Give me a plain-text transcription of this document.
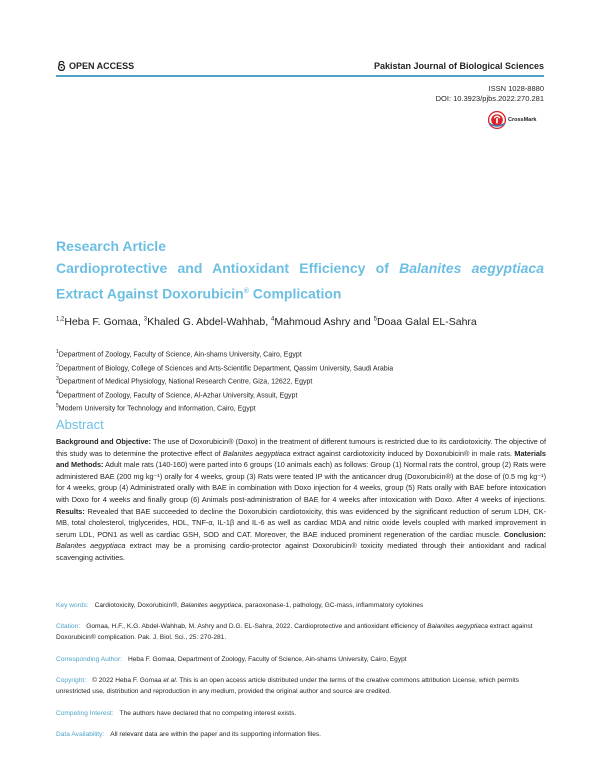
OPEN ACCESS	Pakistan Journal of Biological Sciences
ISSN 1028-8880
DOI: 10.3923/pjbs.2022.270.281
CrossMark
Research Article
Cardioprotective and Antioxidant Efficiency of Balanites aegyptiaca Extract Against Doxorubicin® Complication
$^{1,2}$Heba F. Gomaa, $^3$Khaled G. Abdel-Wahhab, $^4$Mahmoud Ashry and $^5$Doaa Galal EL-Sahra
$^1$Department of Zoology, Faculty of Science, Ain-shams University, Cairo, Egypt
$^2$Department of Biology, College of Sciences and Arts-Scientific Department, Qassim University, Saudi Arabia
$^3$Department of Medical Physiology, National Research Centre, Giza, 12622, Egypt
$^4$Department of Zoology, Faculty of Science, Al-Azhar University, Assuit, Egypt
$^5$Modern University for Technology and Information, Cairo, Egypt
Abstract
Background and Objective: The use of Doxorubicin® (Doxo) in the treatment of different tumours is restricted due to its cardiotoxicity. The objective of this study was to determine the protective effect of Balanites aegyptiaca extract against cardiotoxicity induced by Doxorubicin® in male rats. Materials and Methods: Adult male rats (140-160) were parted into 6 groups (10 animals each) as follows: Group (1) Normal rats the control, group (2) Rats were administered BAE (200 mg kg⁻¹) orally for 4 weeks, group (3) Rats were teated IP with the anticancer drug (Doxorubicin®) at the dose of (0.5 mg kg⁻¹) for 4 weeks, group (4) Administrated orally with BAE in combination with Doxo injection for 4 weeks, group (5) Rats orally with BAE before intoxication with Doxo for 4 weeks and finally group (6) Animals post-administration of BAE for 4 weeks after intoxication with Doxo. After 4 weeks of injections. Results: Revealed that BAE succeeded to decline the Doxorubicin cardiotoxicity, this was evidenced by the significant reduction of serum LDH, CK-MB, total cholesterol, triglycerides, HDL, TNF-α, IL-1β and IL-6 as well as cardiac MDA and nitric oxide levels coupled with marked improvement in serum LDL, PON1 as well as cardiac GSH, SOD and CAT. Moreover, the BAE induced prominent regeneration of the cardiac muscle. Conclusion: Balanites aegyptiaca extract may be a promising cardio-protector against Doxorubicin® toxicity mediated through their antioxidant and radical scavenging activities.
Key words: Cardiotoxicity, Doxorubicin®, Balanites aegyptiaca, paraoxonase-1, pathology, GC-mass, inflammatory cytokines
Citation: Gomaa, H.F., K.G. Abdel-Wahhab, M. Ashry and D.G. EL-Sahra, 2022. Cardioprotective and antioxidant efficiency of Balanites aegyptiaca extract against Doxorubicin® complication. Pak. J. Biol. Sci., 25: 270-281.
Corresponding Author: Heba F. Gomaa, Department of Zoology, Faculty of Science, Ain-shams University, Cairo, Egypt
Copyright: © 2022 Heba F. Gomaa et al. This is an open access article distributed under the terms of the creative commons attribution License, which permits unrestricted use, distribution and reproduction in any medium, provided the original author and source are credited.
Competing Interest: The authors have declared that no competing interest exists.
Data Availability: All relevant data are within the paper and its supporting information files.
